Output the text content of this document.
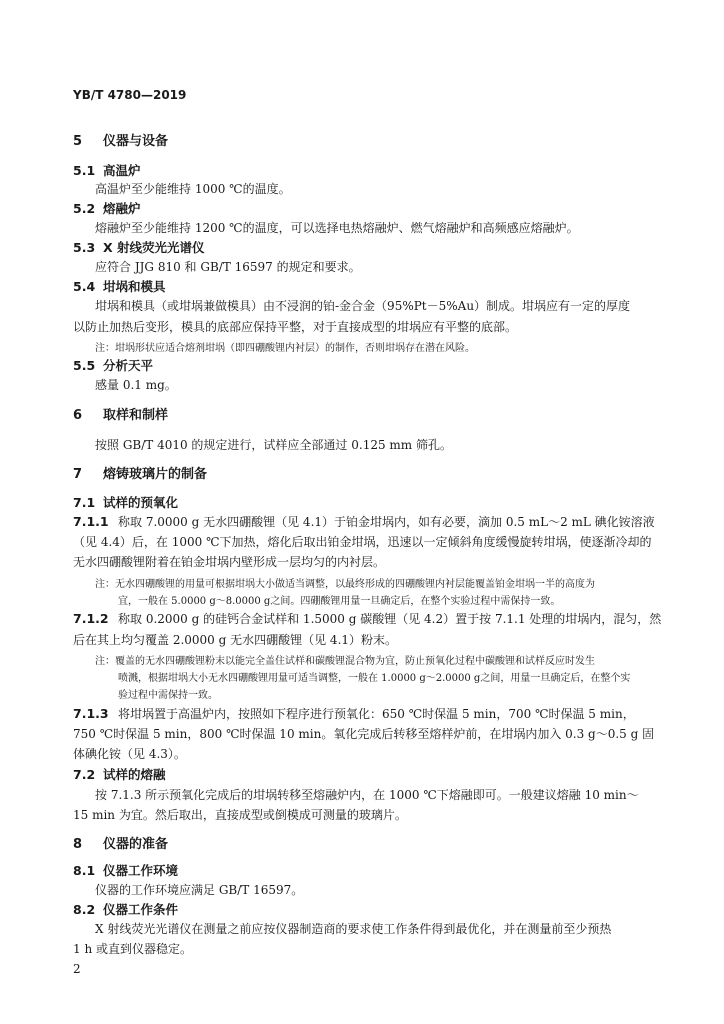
YB/T 4780—2019
5 仪器与设备
5.1 高温炉
高温炉至少能维持 1000 ℃的温度。
5.2 熔融炉
熔融炉至少能维持 1200 ℃的温度，可以选择电热熔融炉、燃气熔融炉和高频感应熔融炉。
5.3 X 射线荧光光谱仪
应符合 JJG 810 和 GB/T 16597 的规定和要求。
5.4 坩埚和模具
坩埚和模具（或坩埚兼做模具）由不浸润的铂-金合金（95%Pt－5%Au）制成。坩埚应有一定的厚度
以防止加热后变形，模具的底部应保持平整，对于直接成型的坩埚应有平整的底部。
注：坩埚形状应适合熔剂坩埚（即四硼酸锂内衬层）的制作，否则坩埚存在潜在风险。
5.5 分析天平
感量 0.1 mg。
6 取样和制样
按照 GB/T 4010 的规定进行，试样应全部通过 0.125 mm 筛孔。
7 熔铸玻璃片的制备
7.1 试样的预氧化
7.1.1 称取 7.0000 g 无水四硼酸锂（见 4.1）于铂金坩埚内，如有必要，滴加 0.5 mL～2 mL 碘化铵溶液
（见 4.4）后，在 1000 ℃下加热，熔化后取出铂金坩埚，迅速以一定倾斜角度缓慢旋转坩埚，使逐渐冷却的
无水四硼酸锂附着在铂金坩埚内壁形成一层均匀的内衬层。
注：无水四硼酸锂的用量可根据坩埚大小做适当调整，以最终形成的四硼酸锂内衬层能覆盖铂金坩埚一半的高度为
宜，一般在 5.0000 g～8.0000 g之间。四硼酸锂用量一旦确定后，在整个实验过程中需保持一致。
7.1.2 称取 0.2000 g 的硅钙合金试样和 1.5000 g 碳酸锂（见 4.2）置于按 7.1.1 处理的坩埚内，混匀，然
后在其上均匀覆盖 2.0000 g 无水四硼酸锂（见 4.1）粉末。
注：覆盖的无水四硼酸锂粉末以能完全盖住试样和碳酸锂混合物为宜，防止预氧化过程中碳酸锂和试样反应时发生
喷溅，根据坩埚大小无水四硼酸锂用量可适当调整，一般在 1.0000 g～2.0000 g之间，用量一旦确定后，在整个实
验过程中需保持一致。
7.1.3 将坩埚置于高温炉内，按照如下程序进行预氧化：650 ℃时保温 5 min，700 ℃时保温 5 min，
750 ℃时保温 5 min，800 ℃时保温 10 min。氧化完成后转移至熔样炉前，在坩埚内加入 0.3 g～0.5 g 固
体碘化铵（见 4.3）。
7.2 试样的熔融
按 7.1.3 所示预氧化完成后的坩埚转移至熔融炉内，在 1000 ℃下熔融即可。一般建议熔融 10 min～
15 min 为宜。然后取出，直接成型或倒模成可测量的玻璃片。
8 仪器的准备
8.1 仪器工作环境
仪器的工作环境应满足 GB/T 16597。
8.2 仪器工作条件
X 射线荧光光谱仪在测量之前应按仪器制造商的要求使工作条件得到最优化，并在测量前至少预热
1 h 或直到仪器稳定。
2
